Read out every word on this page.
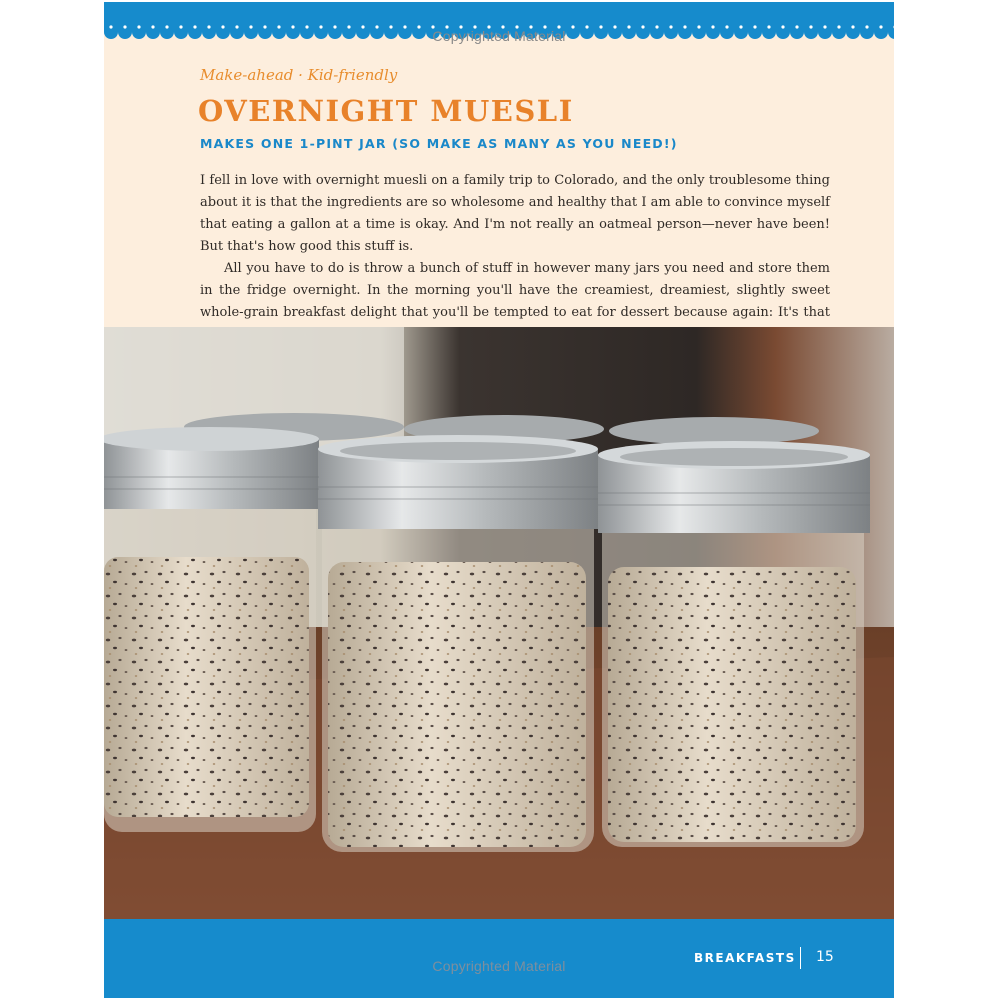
Copyrighted Material
Make-ahead · Kid-friendly
OVERNIGHT MUESLI
MAKES ONE 1-PINT JAR (SO MAKE AS MANY AS YOU NEED!)

I fell in love with overnight muesli on a family trip to Colorado, and the only troublesome thing about it is that the ingredients are so wholesome and healthy that I am able to convince myself that eating a gallon at a time is okay. And I'm not really an oatmeal person—never have been! But that's how good this stuff is.

All you have to do is throw a bunch of stuff in however many jars you need and store them in the fridge overnight. In the morning you'll have the creamiest, dreamiest, slightly sweet whole-grain breakfast delight that you'll be tempted to eat for dessert because again: It's that

BREAKFASTS 15
Copyrighted Material
